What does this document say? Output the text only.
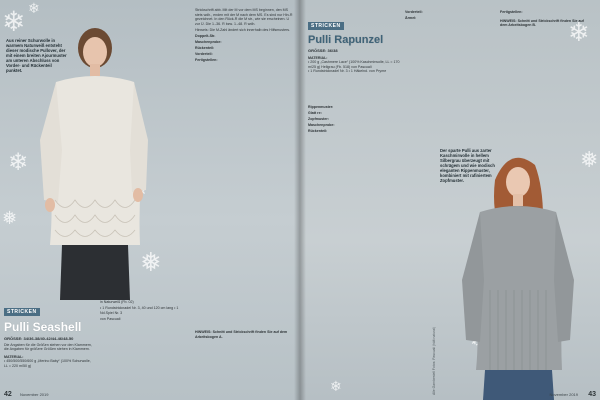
❄ ❄
❄
❅
❅
Aus reiner Schurwolle in warmem Naturweiß entsteht dieser modische Pullover, der mit einem breiten Ajourmuster am unteren Abschluss von Vorder- und Rückenteil punktet.
STRICKEN
Pulli Seashell
GRÖSSE: 34/36-38/40-42/44-46/48-50
Die Angaben für die Größen stehen vor den Klammern, die Angaben für größere Größen stehen in Klammern.
MATERIAL:
• 450/500/550/600 g „Merino Baby“ (100% Schurwolle, LL = 220 m/50 g)

Strickschrift abb. Mit der M vor dem MS beginnen, den MS stets wdh., enden mit der M nach dem MS. Es sind nur Hin-R gezeichnet. In den Rück-R die M str., wie sie erscheinen. U zur Ü. Die 1.-36. R bzw. 1.-48. R wdh.

Hinweis: Die M-Zahl ändert sich innerhalb des Hilfsmusters.

Doppelt-Str.

Maschenprobe:

Rückenteil:

Vorderteil:

Fertigstellen:

in Naturweiß (Fb. 02)

• 1 Rundstricknadel Nr. 3, 40 und 120 cm lang • 1 Nd.Spiel Nr. 3

von Pascuali

HINWEIS: Schnitt und Strickschrift finden Sie auf dem Arbeitsbogen A.

42 November 2019
❄
❅
❄
STRICKEN
Pulli Rapunzel
GRÖSSE: 36/38
MATERIAL:
• 200 g „Cashmere Lace“ (100% Kaschmirwolle, LL = 170 m/25 g) Hellgrau (Fb. 518) von Pascuali
• 1 Rundstricknadel Nr. 3 • 1 Häkelnd. von Pryme

Rippenmuster:

Glatt re:

Zopfmuster:

Maschenprobe:

Rückenteil:

Vorderteil:

Ärmel:

Fertigstellen:

HINWEIS: Schnitt und Strickschrift finden Sie auf dem Arbeitsbogen B.

Der sparte Pulli aus zarter Kaschmirwolle in hellem Silbergrau überzeugt mit schrägem und wie modisch eleganten Rippenmuster, kombiniert mit rafiniertem Zopfmuster.
Alle Garnbestell Fotos: Pascuali (hält natural)	November 2019 43
